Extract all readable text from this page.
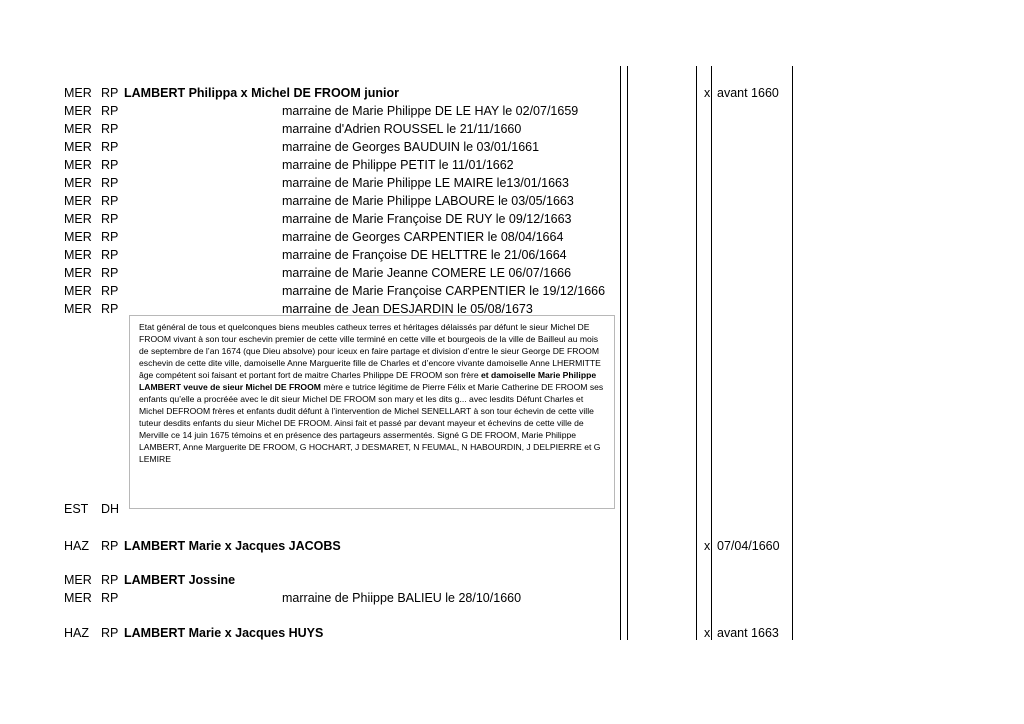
MER RP LAMBERT Philippa x Michel DE FROOM junior	x avant 1660
MER RP	marraine de Marie Philippe DE LE HAY le 02/07/1659
MER RP	marraine d'Adrien ROUSSEL le 21/11/1660
MER RP	marraine de Georges BAUDUIN le 03/01/1661
MER RP	marraine de Philippe PETIT le 11/01/1662
MER RP	marraine de Marie Philippe LE MAIRE le13/01/1663
MER RP	marraine de Marie Philippe LABOURE le 03/05/1663
MER RP	marraine de Marie Françoise DE RUY le 09/12/1663
MER RP	marraine de Georges CARPENTIER le 08/04/1664
MER RP	marraine de Françoise DE HELTTRE le 21/06/1664
MER RP	marraine de Marie Jeanne COMERE LE 06/07/1666
MER RP	marraine de Marie Françoise CARPENTIER le 19/12/1666
MER RP	marraine de Jean DESJARDIN le 05/08/1673
Etat général de tous et quelconques biens meubles catheux terres et héritages délaissés par défunt le sieur Michel DE FROOM vivant à son tour eschevin premier de cette ville terminé en cette ville et bourgeois de la ville de Bailleul au mois de septembre de l’an 1674 (que Dieu absolve) pour iceux en faire partage et division d’entre le sieur George DE FROOM eschevin de cette dite ville, damoiselle Anne Marguerite fille de Charles et d’encore vivante damoiselle Anne LHERMITTE âge compétent soi faisant et portant fort de maitre Charles Philippe DE FROOM son frère et damoiselle Marie Philippe LAMBERT veuve de sieur Michel DE FROOM mère e tutrice légitime de Pierre Félix et Marie Catherine DE FROOM ses enfants qu’elle a procréée avec le dit sieur Michel DE FROOM son mary et les dits g... avec lesdits Défunt Charles et Michel DEFROOM frères et enfants dudit défunt à l’intervention de Michel SENELLART à son tour échevin de cette ville tuteur desdits enfants du sieur Michel DE FROOM. Ainsi fait et passé par devant mayeur et échevins de cette ville de Merville ce 14 juin 1675 témoins et en présence des partageurs assermentés. Signé G DE FROOM, Marie Philippe LAMBERT, Anne Marguerite DE FROOM, G HOCHART, J DESMARET, N FEUMAL, N HABOURDIN, J DELPIERRE et G LEMIRE
EST DH
HAZ RP LAMBERT Marie x Jacques JACOBS	x 07/04/1660
MER RP LAMBERT Jossine
MER RP	marraine de Phiippe BALIEU le 28/10/1660
HAZ RP LAMBERT Marie x Jacques HUYS	x avant 1663
